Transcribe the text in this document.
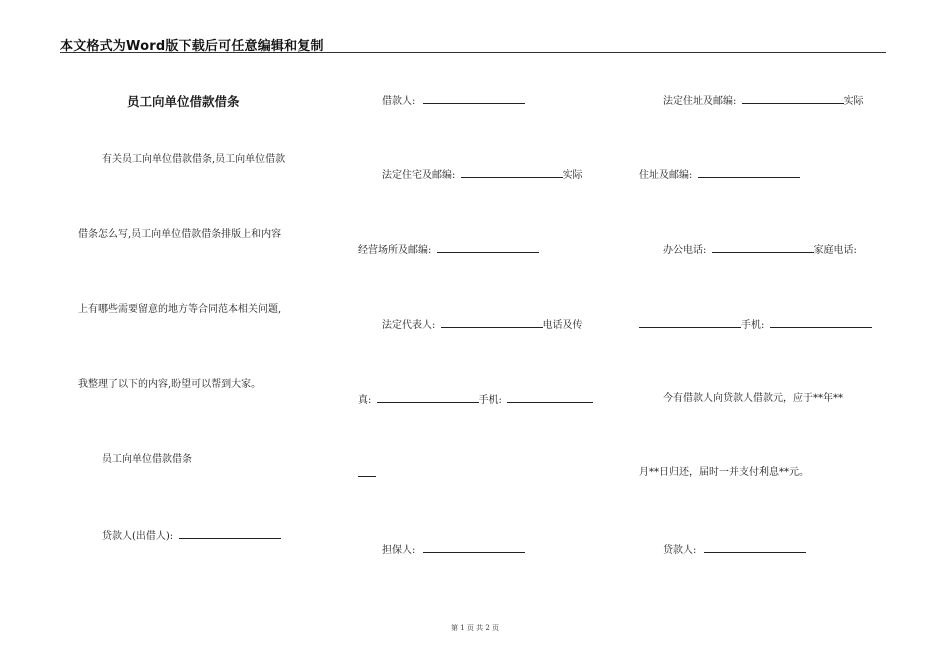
本文格式为Word版下载后可任意编辑和复制
员工向单位借款借条
有关员工向单位借款借条,员工向单位借款
借条怎么写,员工向单位借款借条排版上和内容
上有哪些需要留意的地方等合同范本相关问题,
我整理了以下的内容,盼望可以帮到大家。
员工向单位借款借条
贷款人(出借人):
借款人:
法定住宅及邮编:	实际
经营场所及邮编:
法定代表人:	电话及传
真:	手机:
担保人:
法定住址及邮编:	实际
住址及邮编:
办公电话:	家庭电话:
手机:
今有借款人向贷款人借款元，应于**年**
月**日归还，届时一并支付利息**元。
贷款人:
第 1 页 共 2 页
